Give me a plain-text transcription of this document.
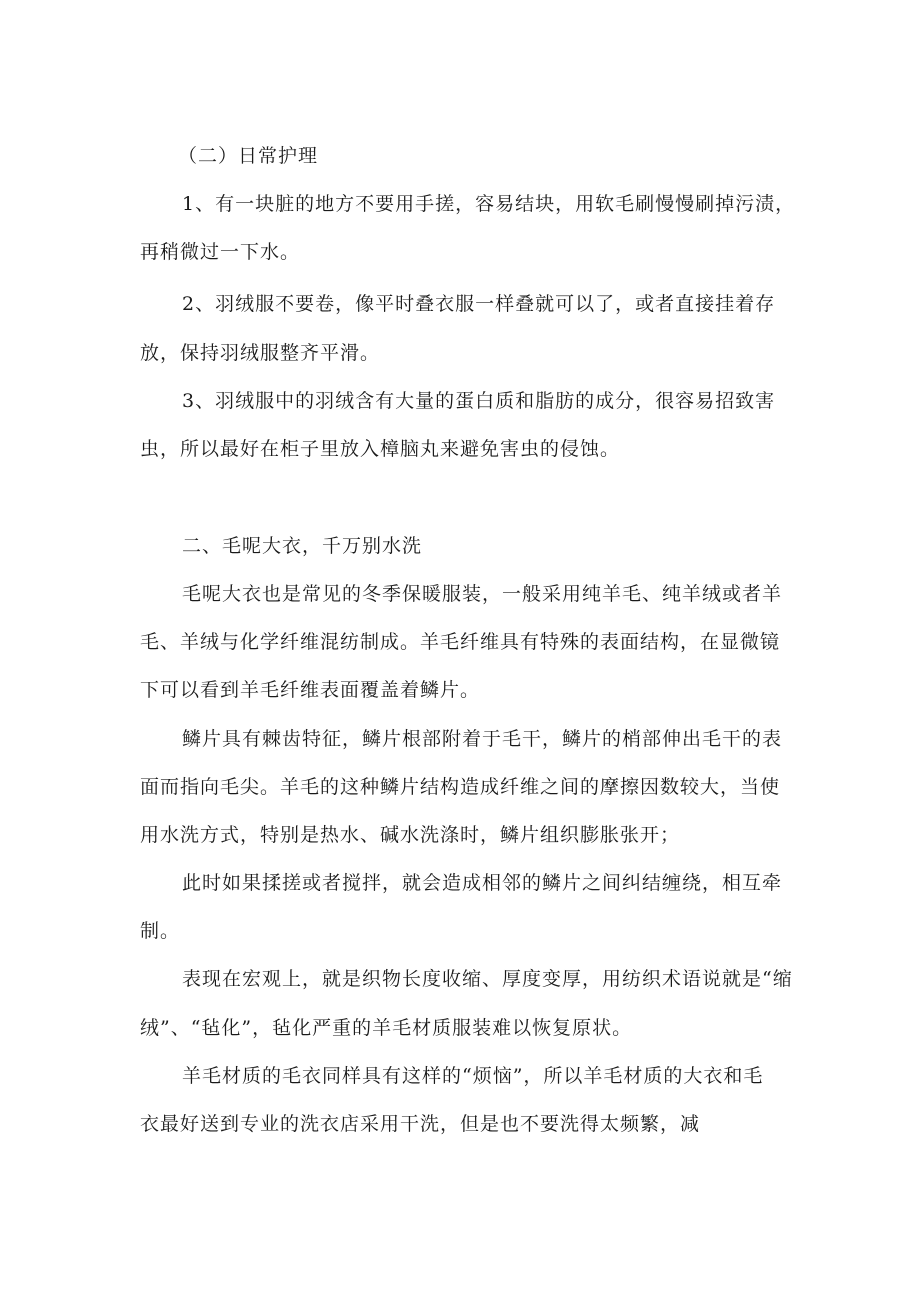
（二）日常护理
1、有一块脏的地方不要用手搓，容易结块，用软毛刷慢慢刷掉污渍，
再稍微过一下水。
2、羽绒服不要卷，像平时叠衣服一样叠就可以了，或者直接挂着存
放，保持羽绒服整齐平滑。
3、羽绒服中的羽绒含有大量的蛋白质和脂肪的成分，很容易招致害
虫，所以最好在柜子里放入樟脑丸来避免害虫的侵蚀。
二、毛呢大衣，千万别水洗
毛呢大衣也是常见的冬季保暖服装，一般采用纯羊毛、纯羊绒或者羊
毛、羊绒与化学纤维混纺制成。羊毛纤维具有特殊的表面结构，在显微镜
下可以看到羊毛纤维表面覆盖着鳞片。
鳞片具有棘齿特征，鳞片根部附着于毛干，鳞片的梢部伸出毛干的表
面而指向毛尖。羊毛的这种鳞片结构造成纤维之间的摩擦因数较大，当使
用水洗方式，特别是热水、碱水洗涤时，鳞片组织膨胀张开；
此时如果揉搓或者搅拌，就会造成相邻的鳞片之间纠结缠绕，相互牵
制。
表现在宏观上，就是织物长度收缩、厚度变厚，用纺织术语说就是“缩
绒”、“毡化”，毡化严重的羊毛材质服装难以恢复原状。
羊毛材质的毛衣同样具有这样的“烦恼”，所以羊毛材质的大衣和毛
衣最好送到专业的洗衣店采用干洗，但是也不要洗得太频繁，减
